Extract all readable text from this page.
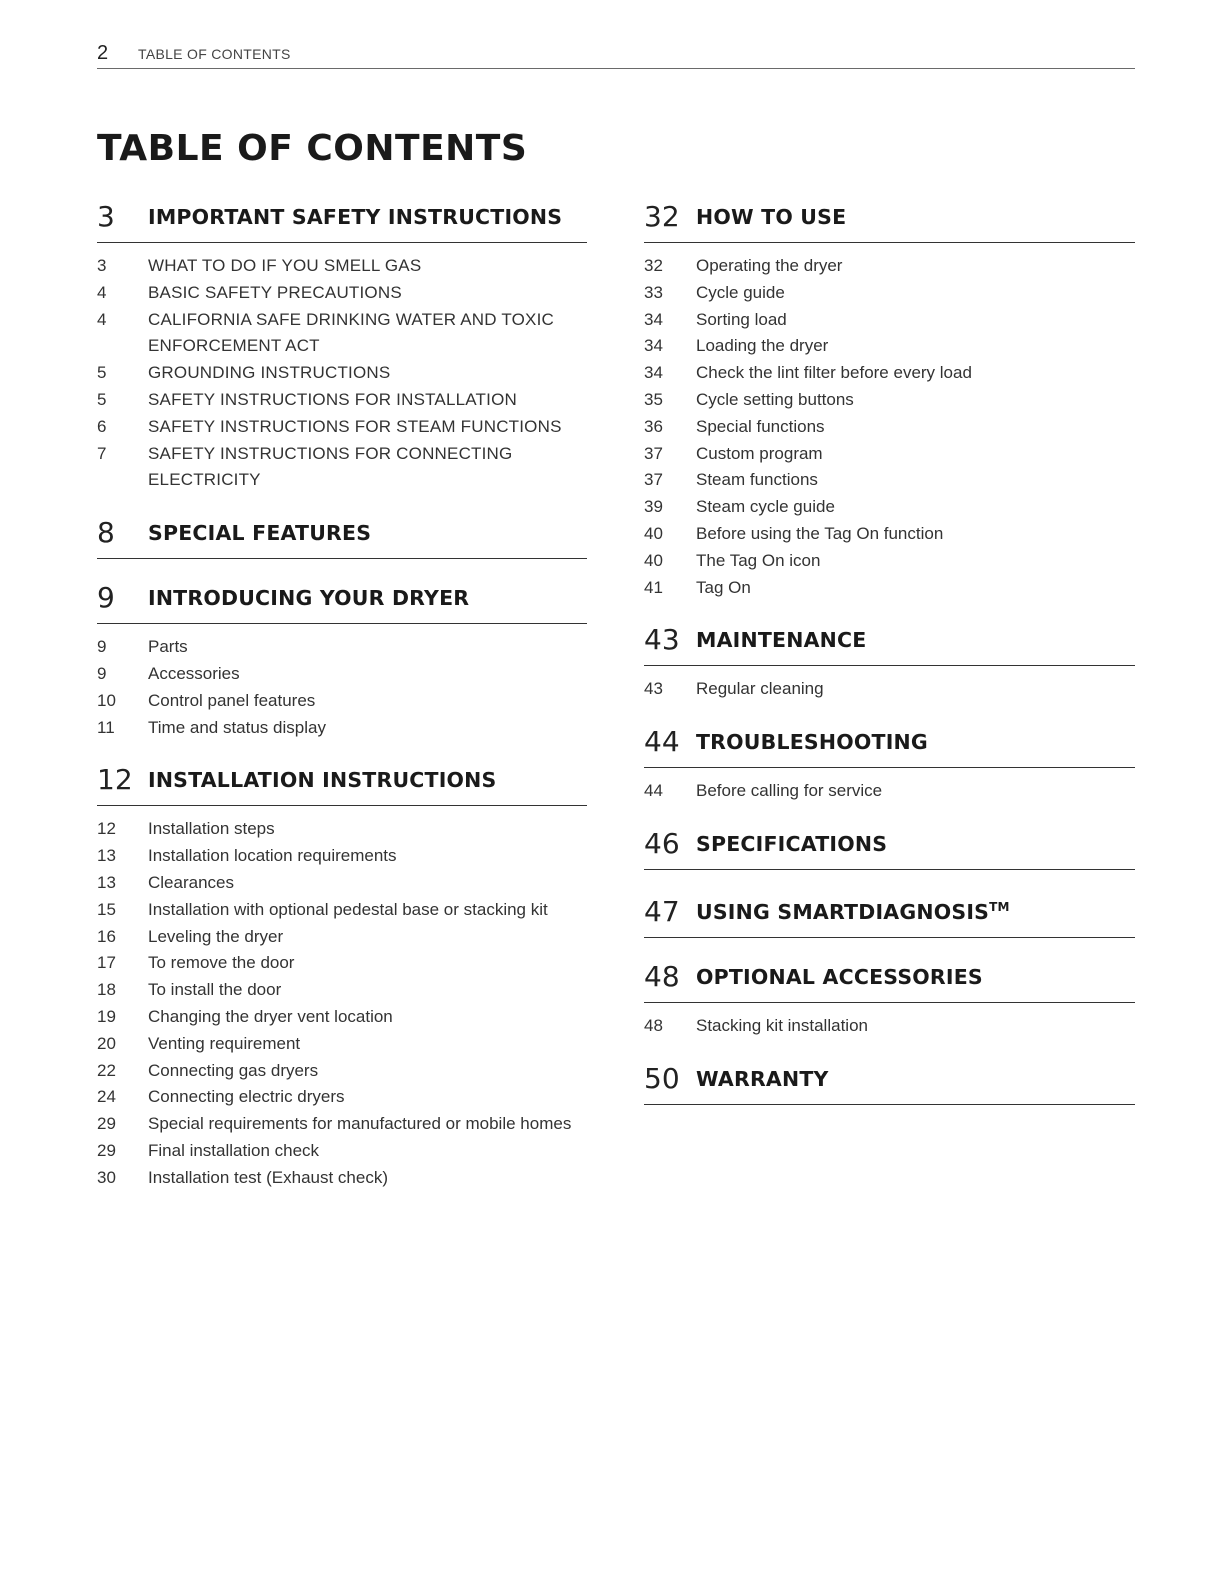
2 TABLE OF CONTENTS
TABLE OF CONTENTS
3	IMPORTANT SAFETY INSTRUCTIONS
3	WHAT TO DO IF YOU SMELL GAS
4	BASIC SAFETY PRECAUTIONS
4	CALIFORNIA SAFE DRINKING WATER AND TOXIC ENFORCEMENT ACT
5	GROUNDING INSTRUCTIONS
5	SAFETY INSTRUCTIONS FOR INSTALLATION
6	SAFETY INSTRUCTIONS FOR STEAM FUNCTIONS
7	SAFETY INSTRUCTIONS FOR CONNECTING ELECTRICITY
8	SPECIAL FEATURES
9	INTRODUCING YOUR DRYER
9	Parts
9	Accessories
10	Control panel features
11	Time and status display
12 INSTALLATION INSTRUCTIONS
12	Installation steps
13	Installation location requirements
13	Clearances
15	Installation with optional pedestal base or stacking kit
16	Leveling the dryer
17	To remove the door
18	To install the door
19	Changing the dryer vent location
20	Venting requirement
22	Connecting gas dryers
24	Connecting electric dryers
29	Special requirements for manufactured or mobile homes
29	Final installation check
30	Installation test (Exhaust check)
32 HOW TO USE
32	Operating the dryer
33	Cycle guide
34	Sorting load
34	Loading the dryer
34	Check the lint filter before every load
35	Cycle setting buttons
36	Special functions
37	Custom program
37	Steam functions
39	Steam cycle guide
40	Before using the Tag On function
40	The Tag On icon
41	Tag On
43 MAINTENANCE
43	Regular cleaning
44 TROUBLESHOOTING
44	Before calling for service
46 SPECIFICATIONS
47 USING SMARTDIAGNOSIS™
48 OPTIONAL ACCESSORIES
48	Stacking kit installation
50 WARRANTY
